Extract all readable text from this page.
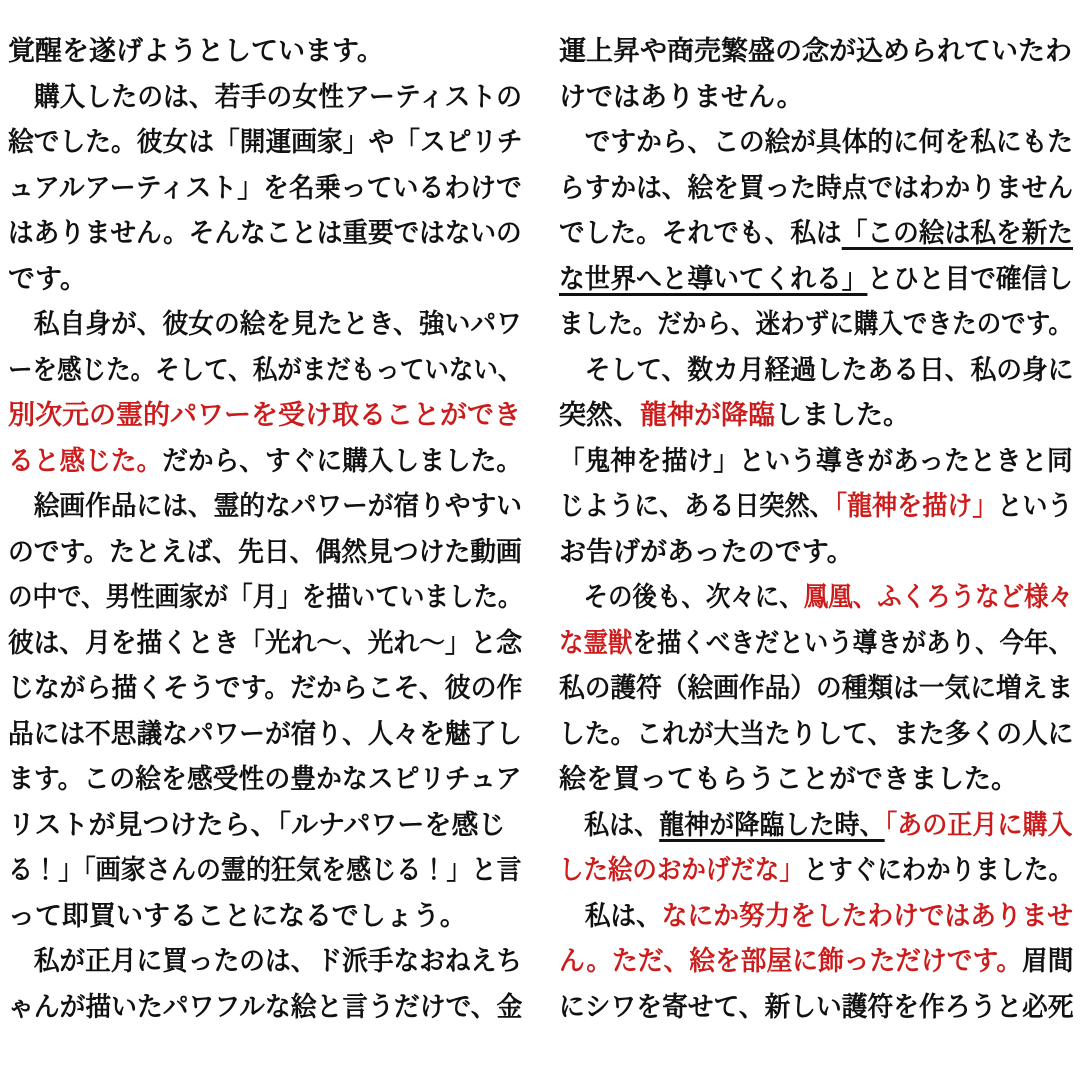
覚醒を遂げようとしています。
　購入したのは、若手の女性アーティストの
絵でした。彼女は「開運画家」や「スピリチ
ュアルアーティスト」を名乗っているわけで
はありません。そんなことは重要ではないの
です。
　私自身が、彼女の絵を見たとき、強いパワ
ーを感じた。そして、私がまだもっていない、
別次元の霊的パワーを受け取ることができ
ると感じた。だから、すぐに購入しました。
　絵画作品には、霊的なパワーが宿りやすい
のです。たとえば、先日、偶然見つけた動画
の中で、男性画家が「月」を描いていました。
彼は、月を描くとき「光れ〜、光れ〜」と念
じながら描くそうです。だからこそ、彼の作
品には不思議なパワーが宿り、人々を魅了し
ます。この絵を感受性の豊かなスピリチュア
リストが見つけたら、「ルナパワーを感じ
る！」「画家さんの霊的狂気を感じる！」と言
って即買いすることになるでしょう。
　私が正月に買ったのは、ド派手なおねえち
ゃんが描いたパワフルな絵と言うだけで、金
運上昇や商売繁盛の念が込められていたわ
けではありません。
　ですから、この絵が具体的に何を私にもた
らすかは、絵を買った時点ではわかりません
でした。それでも、私は「この絵は私を新た
な世界へと導いてくれる」とひと目で確信し
ました。だから、迷わずに購入できたのです。
　そして、数カ月経過したある日、私の身に
突然、龍神が降臨しました。
「鬼神を描け」という導きがあったときと同
じように、ある日突然、「龍神を描け」という
お告げがあったのです。
　その後も、次々に、鳳凰、ふくろうなど様々
な霊獣を描くべきだという導きがあり、今年、
私の護符（絵画作品）の種類は一気に増えま
した。これが大当たりして、また多くの人に
絵を買ってもらうことができました。
　私は、龍神が降臨した時、「あの正月に購入
した絵のおかげだな」とすぐにわかりました。
　私は、なにか努力をしたわけではありませ
ん。ただ、絵を部屋に飾っただけです。眉間
にシワを寄せて、新しい護符を作ろうと必死
